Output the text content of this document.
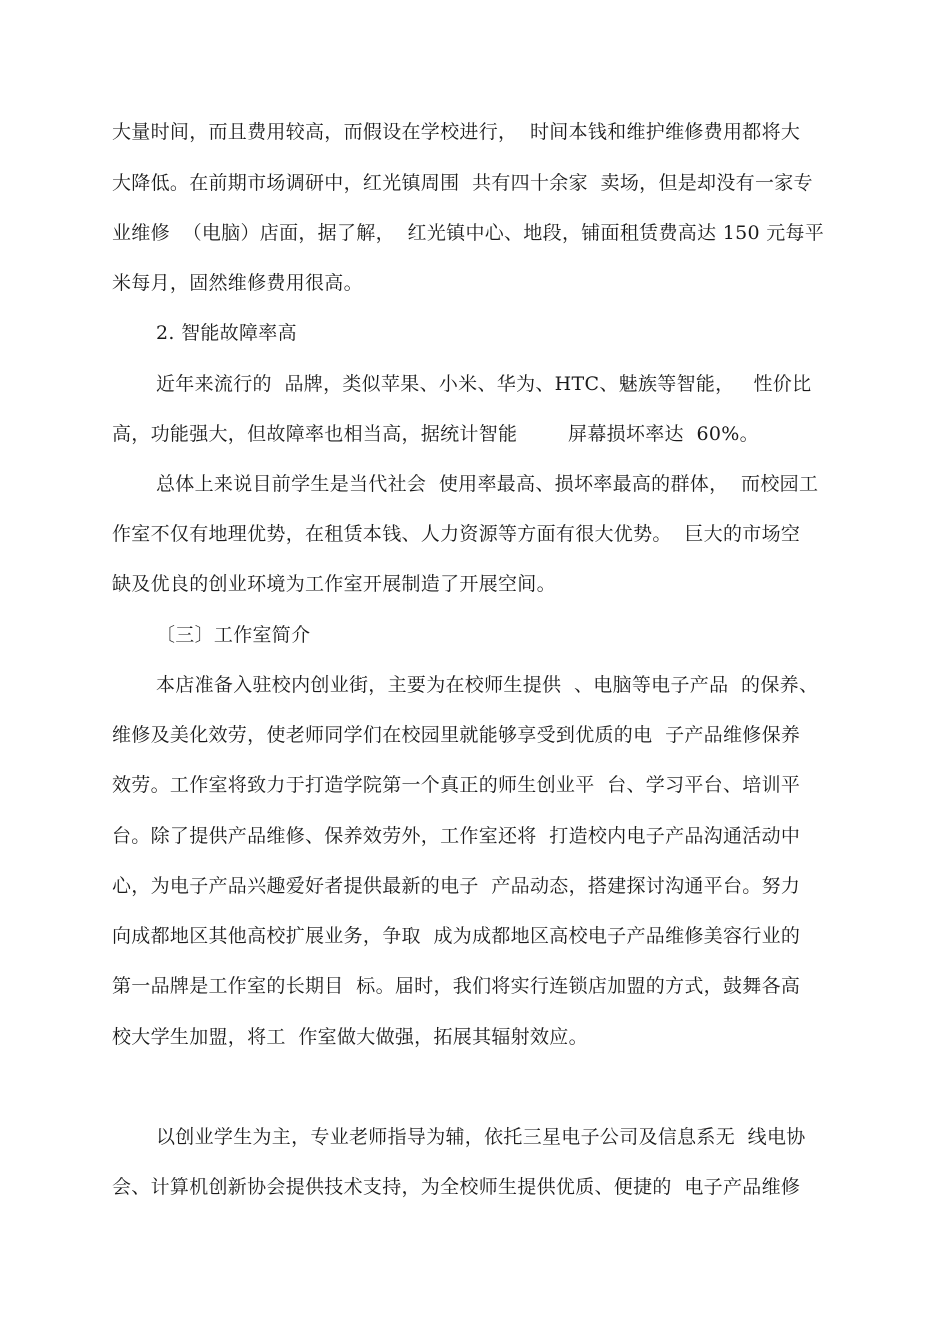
大量时间，而且费用较高，而假设在学校进行，  时间本钱和维护维修费用都将大
大降低。在前期市场调研中，红光镇周围  共有四十余家  卖场，但是却没有一家专
业维修  （电脑）店面，据了解，  红光镇中心、地段，铺面租赁费高达 150 元每平
米每月，固然维修费用很高。
2. 智能故障率高
近年来流行的  品牌，类似苹果、小米、华为、HTC、魅族等智能，   性价比
高，功能强大，但故障率也相当高，据统计智能        屏幕损坏率达  60%。
总体上来说目前学生是当代社会  使用率最高、损坏率最高的群体，  而校园工
作室不仅有地理优势，在租赁本钱、人力资源等方面有很大优势。  巨大的市场空
缺及优良的创业环境为工作室开展制造了开展空间。
〔三〕工作室简介
本店准备入驻校内创业街，主要为在校师生提供  、电脑等电子产品  的保养、
维修及美化效劳，使老师同学们在校园里就能够享受到优质的电  子产品维修保养
效劳。工作室将致力于打造学院第一个真正的师生创业平  台、学习平台、培训平
台。除了提供产品维修、保养效劳外，工作室还将  打造校内电子产品沟通活动中
心，为电子产品兴趣爱好者提供最新的电子  产品动态，搭建探讨沟通平台。努力
向成都地区其他高校扩展业务，争取  成为成都地区高校电子产品维修美容行业的
第一品牌是工作室的长期目  标。届时，我们将实行连锁店加盟的方式，鼓舞各高
校大学生加盟，将工  作室做大做强，拓展其辐射效应。
以创业学生为主，专业老师指导为辅，依托三星电子公司及信息系无  线电协
会、计算机创新协会提供技术支持，为全校师生提供优质、便捷的  电子产品维修
